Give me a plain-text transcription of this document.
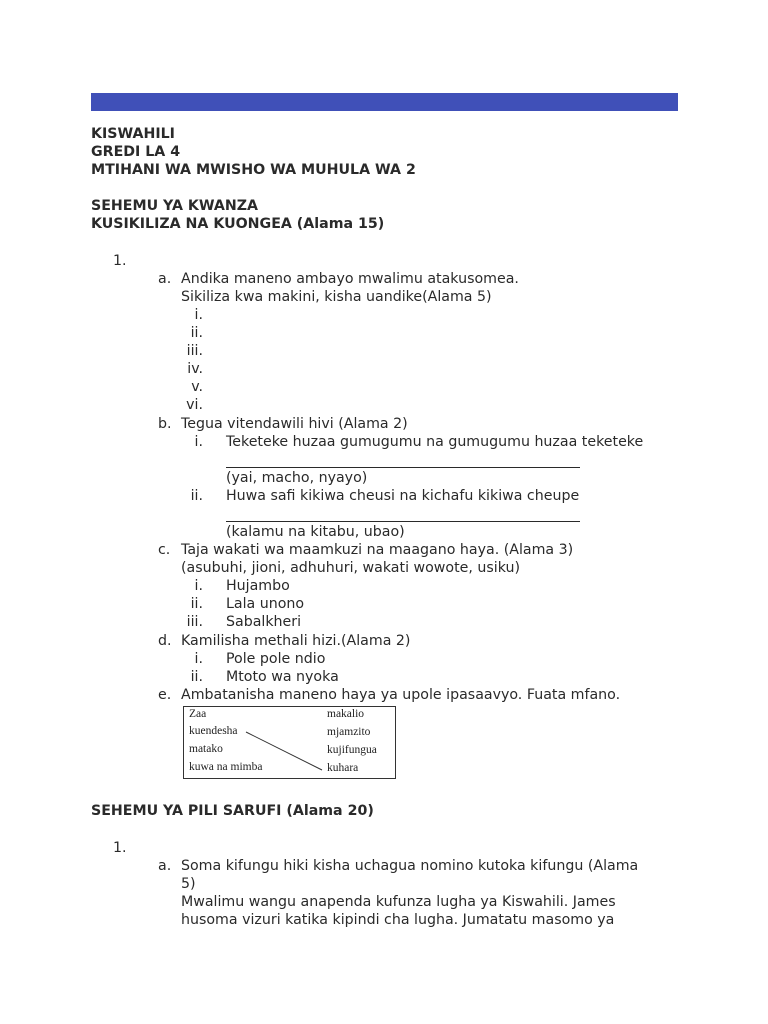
KISWAHILI
GREDI LA 4
MTIHANI WA MWISHO WA MUHULA WA 2
SEHEMU YA KWANZA
KUSIKILIZA NA KUONGEA (Alama 15)
1.
a. Andika maneno ambayo mwalimu atakusomea.
Sikiliza kwa makini, kisha uandike(Alama 5)
i.
ii.
iii.
iv.
v.
vi.
b. Tegua vitendawili hivi (Alama 2)
i. Teketeke huzaa gumugumu na gumugumu huzaa teketeke
(yai, macho, nyayo)
ii. Huwa safi kikiwa cheusi na kichafu kikiwa cheupe
(kalamu na kitabu, ubao)
c. Taja wakati wa maamkuzi na maagano haya. (Alama 3)
(asubuhi, jioni, adhuhuri, wakati wowote, usiku)
i. Hujambo
ii. Lala unono
iii. Sabalkheri
d. Kamilisha methali hizi.(Alama 2)
i. Pole pole ndio
ii. Mtoto wa nyoka
e. Ambatanisha maneno haya ya upole ipasaavyo. Fuata mfano.
Zaa
kuendesha
matako
kuwa na mimba
makalio
mjamzito
kujifungua
kuhara
SEHEMU YA PILI SARUFI (Alama 20)
1.
a. Soma kifungu hiki kisha uchagua nomino kutoka kifungu (Alama
5)
Mwalimu wangu anapenda kufunza lugha ya Kiswahili. James
husoma vizuri katika kipindi cha lugha. Jumatatu masomo ya
